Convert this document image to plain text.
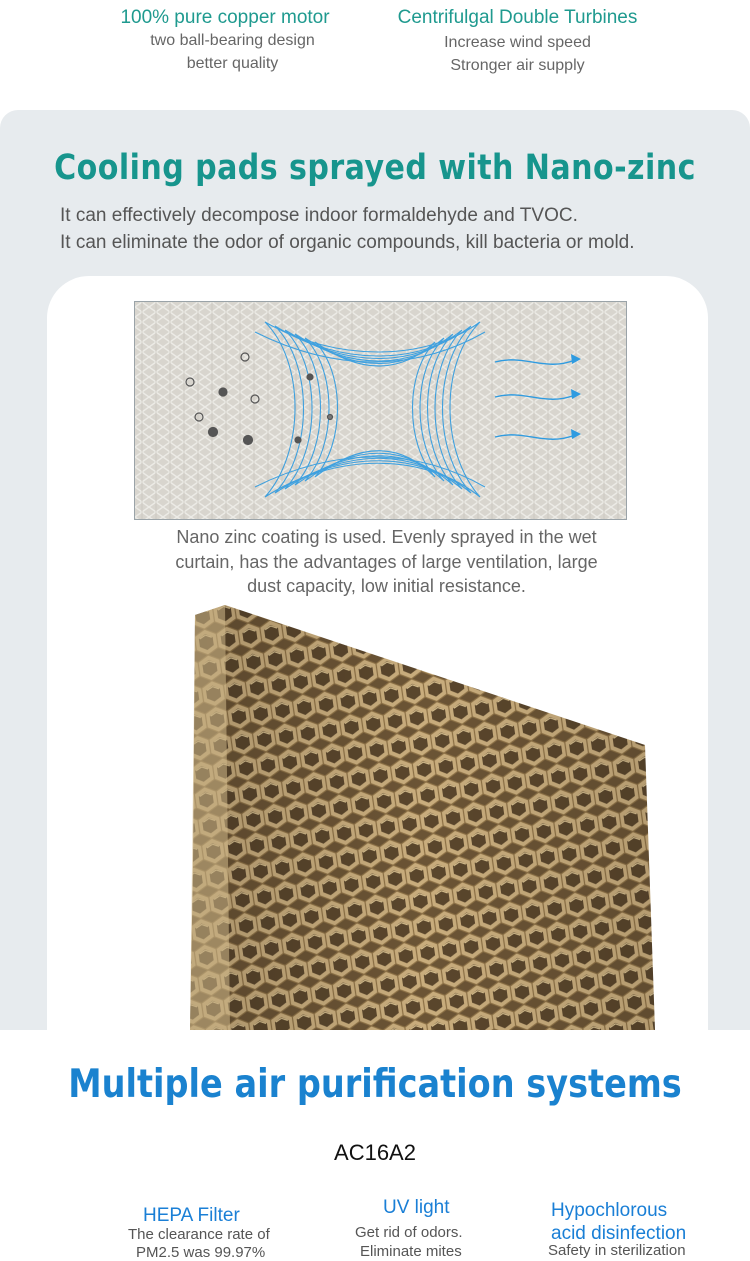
100% pure copper motor
two ball-bearing design
better quality
Centrifulgal Double Turbines
Increase wind speed
Stronger air supply
Cooling pads sprayed with Nano-zinc
It can effectively decompose indoor formaldehyde and TVOC.
It can eliminate the odor of organic compounds, kill bacteria or mold.
Nano zinc coating is used. Evenly sprayed in the wet
curtain, has the advantages of large ventilation, large
dust capacity, low initial resistance.
Multiple air purification systems
AC16A2
HEPA Filter
The clearance rate of
PM2.5 was 99.97%
UV light
Get rid of odors.
Eliminate mites
Hypochlorous
acid disinfection
Safety in sterilization
